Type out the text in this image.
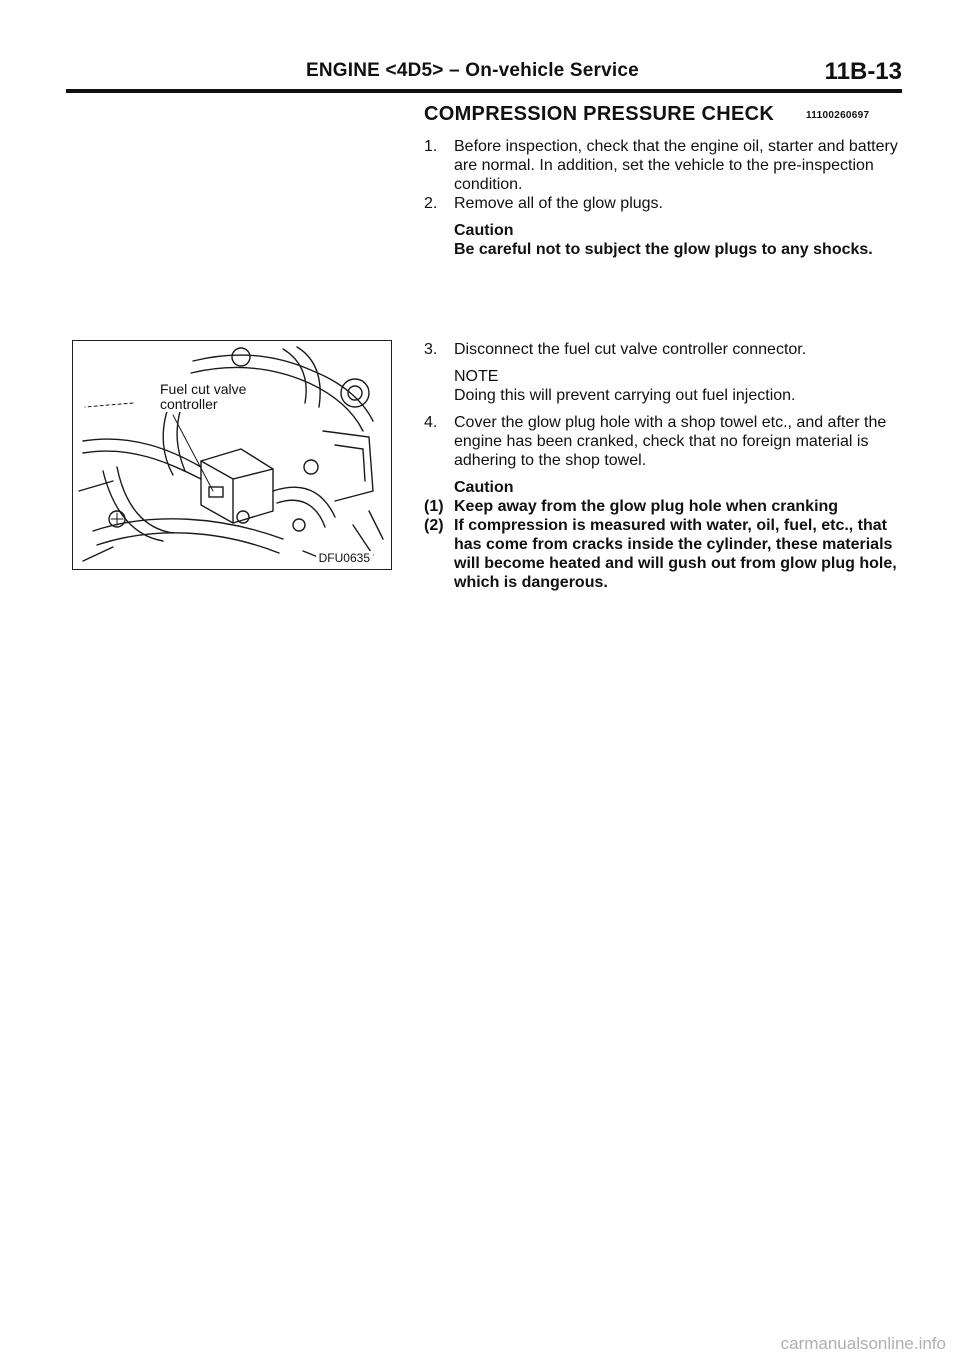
ENGINE <4D5> – On-vehicle Service	11B-13
COMPRESSION PRESSURE CHECK	11100260697
1. Before inspection, check that the engine oil, starter and battery are normal. In addition, set the vehicle to the pre-inspection condition.
2. Remove all of the glow plugs.
Caution
Be careful not to subject the glow plugs to any shocks.
3. Disconnect the fuel cut valve controller connector.
NOTE
Doing this will prevent carrying out fuel injection.
4. Cover the glow plug hole with a shop towel etc., and after the engine has been cranked, check that no foreign material is adhering to the shop towel.
Caution
(1) Keep away from the glow plug hole when cranking
(2) If compression is measured with water, oil, fuel, etc., that has come from cracks inside the cylinder, these materials will become heated and will gush out from glow plug hole, which is dangerous.
Fuel cut valve
controller
DFU0635
carmanualsonline.info
